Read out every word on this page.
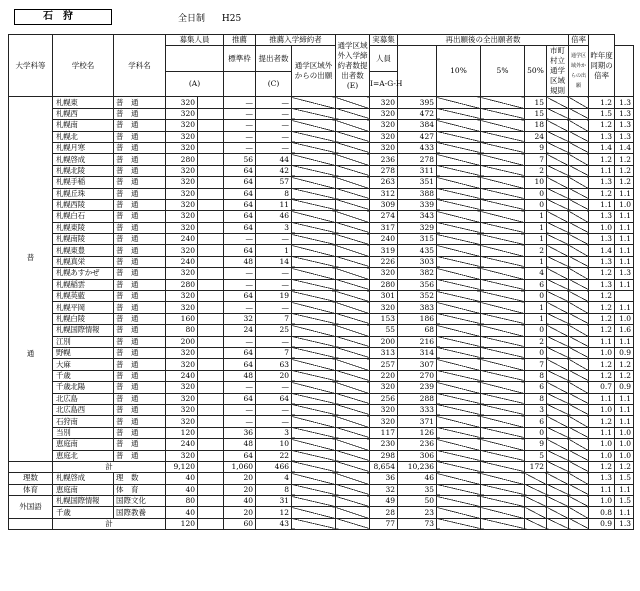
石狩	全日制 H25
大学科等	学校名	学科名	募集人員		推薦	推薦入学締約者		通学区域外入学締約者数提出者数(E)	実募集	再出願後の全出願者数					倍率	昨年度同期の倍率	
					標準枠	提出者数	通学区域外からの出願		人員		10%	5%	50%	市町村立通学区域規則	通学区域外からの出願		
			(A)			(C)			I=A-G-H								

普
通	札幌東	普　通	320		—	—			320	395			15			1.2	1.3
	札幌西	普　通	320		—	—			320	472			15			1.5	1.3
	札幌南	普　通	320		—	—			320	384			18			1.2	1.3
	札幌北	普　通	320		—	—			320	427			24			1.3	1.3
	札幌月寒	普　通	320		—	—			320	433			9			1.4	1.4
	札幌啓成	普　通	280		56	44			236	278			7			1.2	1.2
	札幌北陵	普　通	320		64	42			278	311			2			1.1	1.2
	札幌手稲	普　通	320		64	57			263	351			10			1.3	1.2
	札幌丘珠	普　通	320		64	8			312	388			0			1.2	1.1
	札幌西陵	普　通	320		64	11			309	339			0			1.1	1.0
	札幌白石	普　通	320		64	46			274	343			1			1.3	1.1
	札幌東陵	普　通	320		64	3			317	329			1			1.0	1.1
	札幌南陵	普　通	240		—	—			240	315			1			1.3	1.1
	札幌東豊	普　通	320		64	1			319	435			2			1.4	1.1
	札幌真栄	普　通	240		48	14			226	303			1			1.3	1.1
	札幌あすかぜ	普　通	320		—	—			320	382			4			1.2	1.3
	札幌稲雲	普　通	280		—	—			280	356			6			1.3	1.1
	札幌英藍	普　通	320		64	19			301	352			0			1.2	
	札幌平岡	普　通	320		—	—			320	383			1			1.2	1.1
	札幌白陵	普　通	160		32	7			153	186			1			1.2	1.0
	札幌国際情報	普　通	80		24	25			55	68			0			1.2	1.6
	江別	普　通	200		—	—			200	216			2			1.1	1.1
	野幌	普　通	320		64	7			313	314			0			1.0	0.9
	大麻	普　通	320		64	63			257	307			7			1.2	1.2
	千歳	普　通	240		48	20			220	270			8			1.2	1.2
	千歳北陽	普　通	320		—	—			320	239			6			0.7	0.9
	北広島	普　通	320		64	64			256	288			8			1.1	1.1
	北広島西	普　通	320		—	—			320	333			3			1.0	1.1
	石狩南	普　通	320		—	—			320	371			6			1.2	1.1
	当別	普　通	120		36	3			117	126			0			1.1	1.0
	恵庭南	普　通	240		48	10			230	236			9			1.0	1.0
	恵庭北	普　通	320		64	22			298	306			5			1.0	1.0
	計		9,120		1,060	466			8,654	10,236			172			1.2	1.2
理数	札幌啓成	理　数	40		20	4			36	46						1.3	1.5
体育	恵庭南	体　育	40		20	8			32	35						1.1	1.1
外国語	札幌国際情報	国際文化	80		40	31			49	50						1.0	1.5
	千歳	国際教養	40		20	12			28	23						0.8	1.1
	計		120		60	43			77	73						0.9	1.3
